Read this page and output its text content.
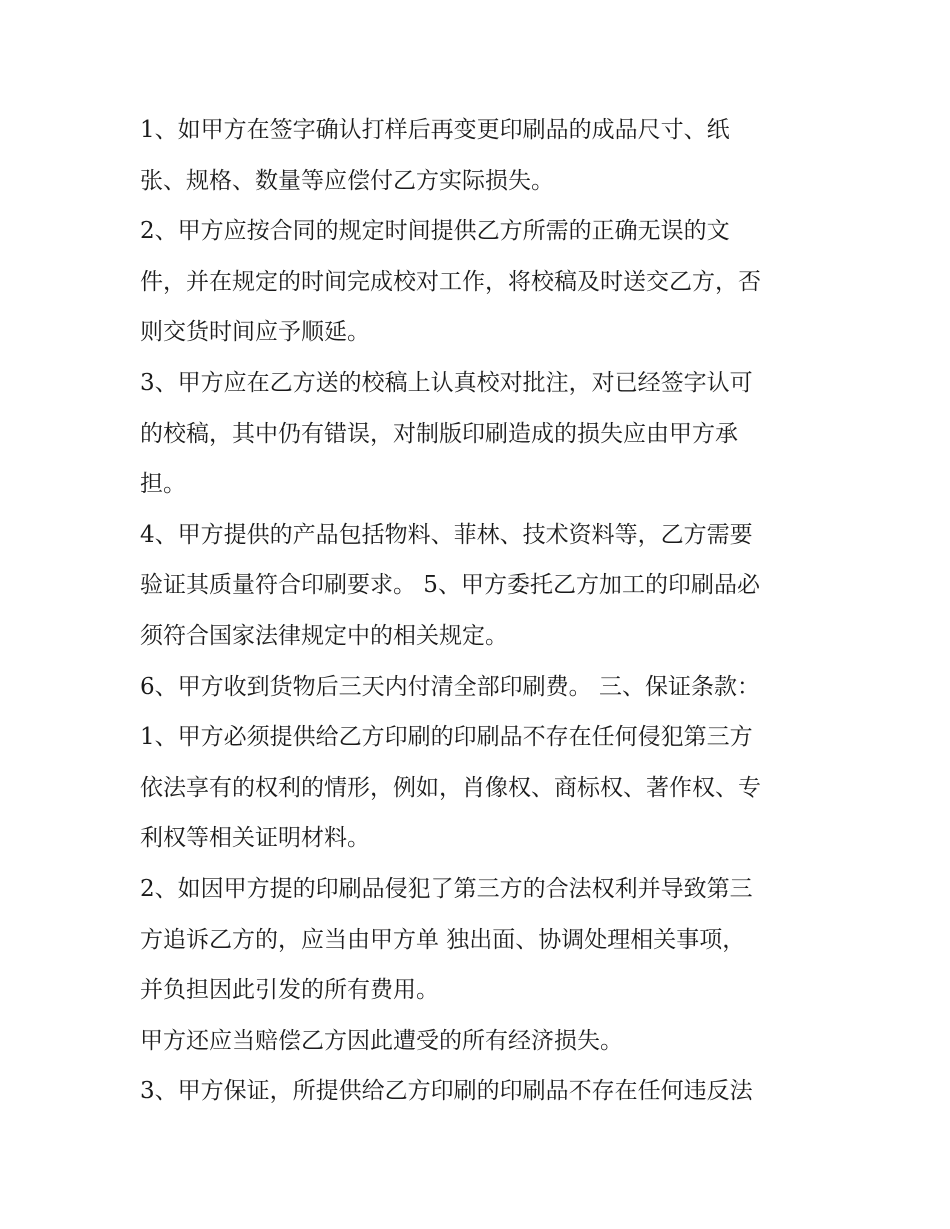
1、如甲方在签字确认打样后再变更印刷品的成品尺寸、纸
张、规格、数量等应偿付乙方实际损失。
2、甲方应按合同的规定时间提供乙方所需的正确无误的文
件，并在规定的时间完成校对工作，将校稿及时送交乙方，否
则交货时间应予顺延。
3、甲方应在乙方送的校稿上认真校对批注，对已经签字认可
的校稿，其中仍有错误，对制版印刷造成的损失应由甲方承
担。
4、甲方提供的产品包括物料、菲林、技术资料等，乙方需要
验证其质量符合印刷要求。 5、甲方委托乙方加工的印刷品必
须符合国家法律规定中的相关规定。
6、甲方收到货物后三天内付清全部印刷费。 三、保证条款：
1、甲方必须提供给乙方印刷的印刷品不存在任何侵犯第三方
依法享有的权利的情形，例如，肖像权、商标权、著作权、专
利权等相关证明材料。
2、如因甲方提的印刷品侵犯了第三方的合法权利并导致第三
方追诉乙方的，应当由甲方单 独出面、协调处理相关事项，
并负担因此引发的所有费用。
甲方还应当赔偿乙方因此遭受的所有经济损失。
3、甲方保证，所提供给乙方印刷的印刷品不存在任何违反法
